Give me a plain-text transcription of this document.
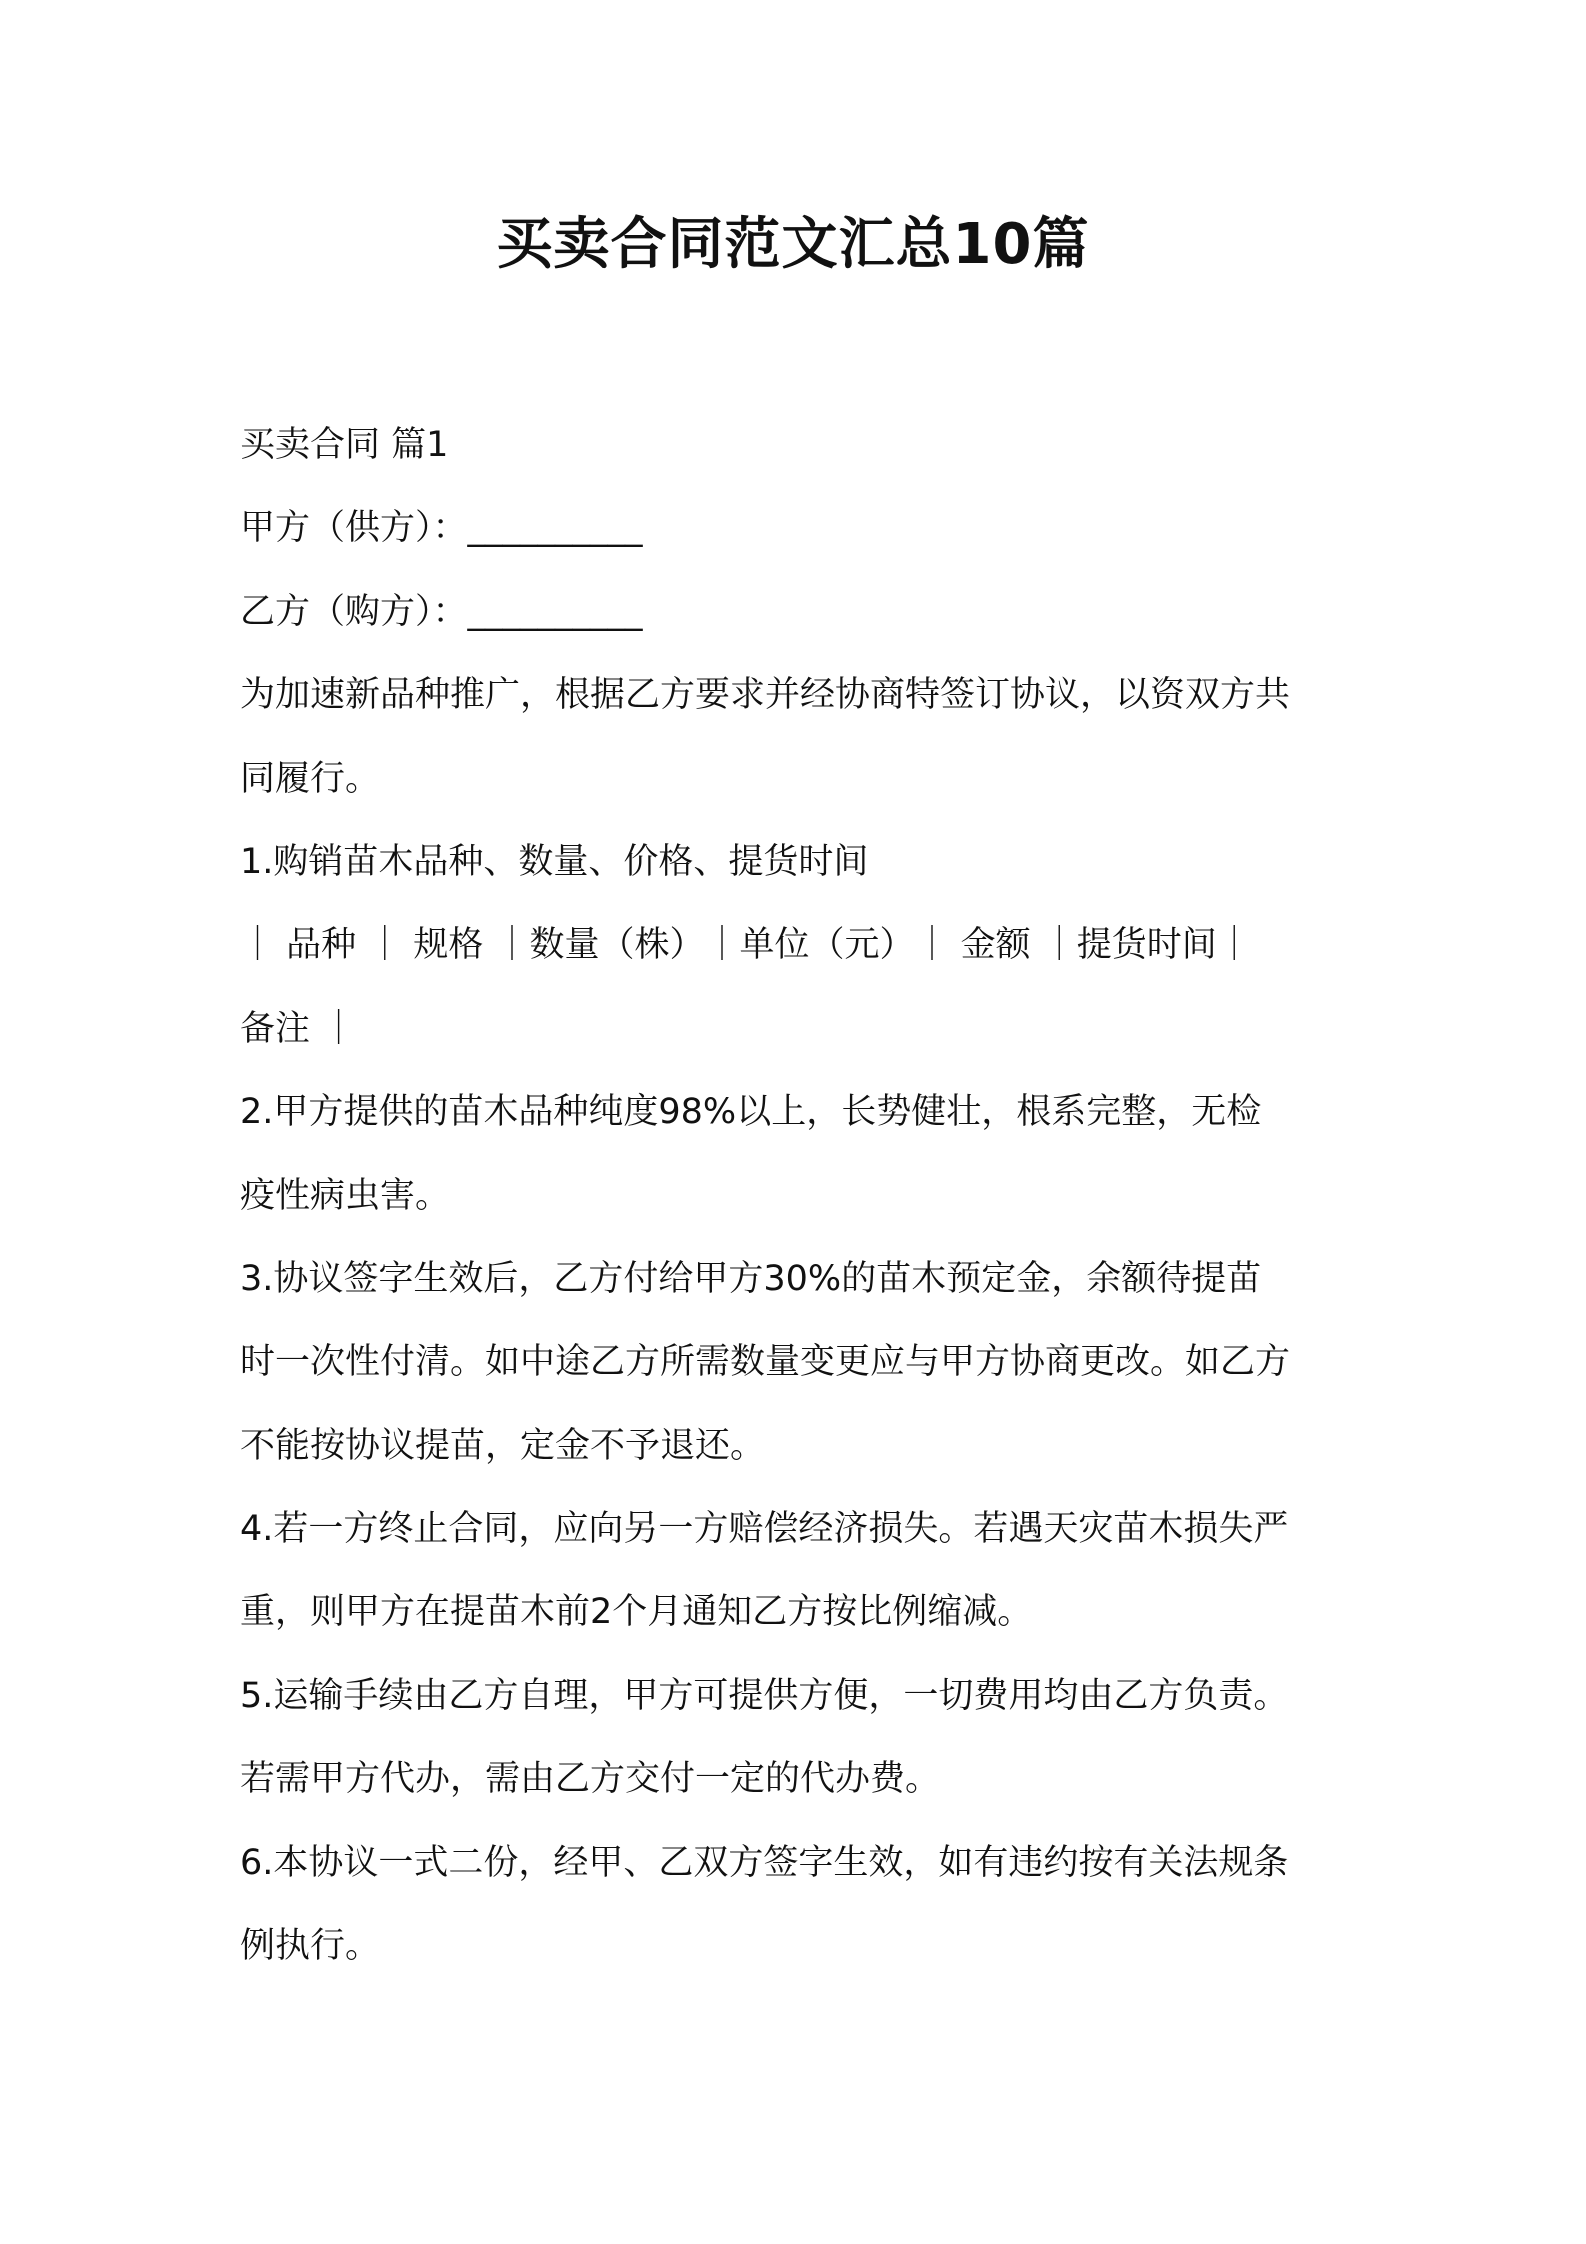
买卖合同范文汇总10篇
买卖合同 篇1
甲方（供方）：__________
乙方（购方）：__________
为加速新品种推广，根据乙方要求并经协商特签订协议，以资双方共
同履行。
1.购销苗木品种、数量、价格、提货时间
｜ 品种 ｜ 规格 ｜数量（株）｜单位（元）｜ 金额 ｜提货时间｜
备注 ｜
2.甲方提供的苗木品种纯度98%以上，长势健壮，根系完整，无检
疫性病虫害。
3.协议签字生效后，乙方付给甲方30%的苗木预定金，余额待提苗
时一次性付清。如中途乙方所需数量变更应与甲方协商更改。如乙方
不能按协议提苗，定金不予退还。
4.若一方终止合同，应向另一方赔偿经济损失。若遇天灾苗木损失严
重，则甲方在提苗木前2个月通知乙方按比例缩减。
5.运输手续由乙方自理，甲方可提供方便，一切费用均由乙方负责。
若需甲方代办，需由乙方交付一定的代办费。
6.本协议一式二份，经甲、乙双方签字生效，如有违约按有关法规条
例执行。
